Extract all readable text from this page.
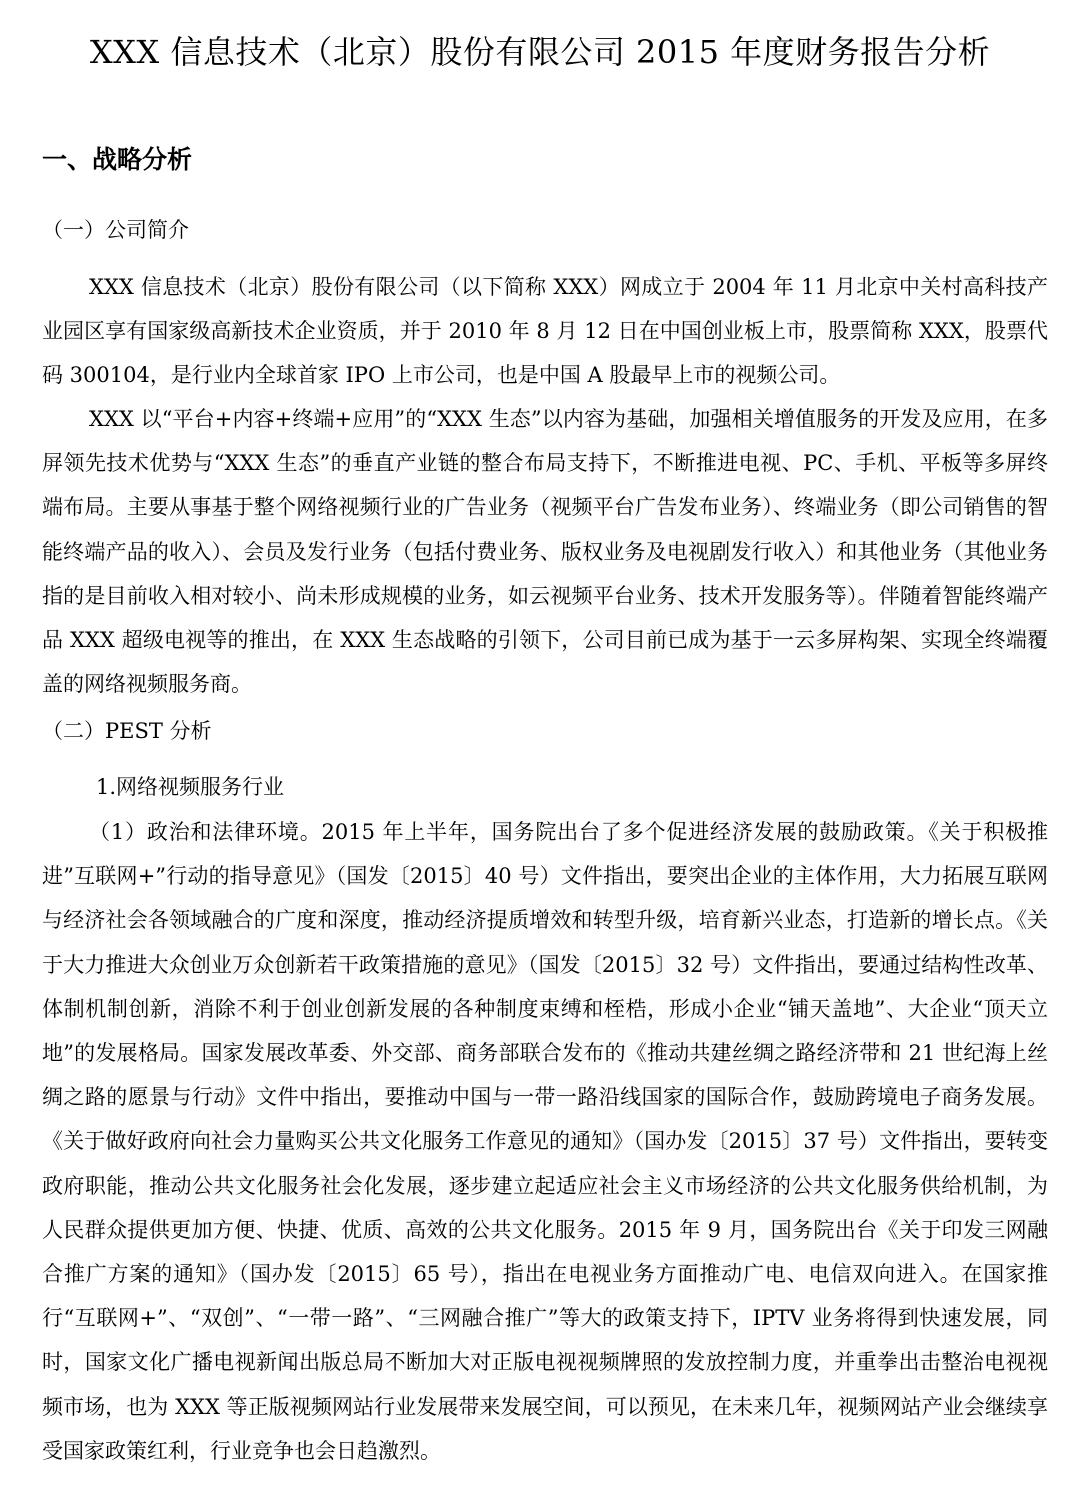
XXX 信息技术（北京）股份有限公司 2015 年度财务报告分析
一、战略分析
（一）公司简介

XXX 信息技术（北京）股份有限公司（以下简称 XXX）网成立于 2004 年 11 月北京中关村高科技产业园区享有国家级高新技术企业资质，并于 2010 年 8 月 12 日在中国创业板上市，股票简称 XXX，股票代码 300104，是行业内全球首家 IPO 上市公司，也是中国 A 股最早上市的视频公司。

XXX 以“平台+内容+终端+应用”的“XXX 生态”以内容为基础，加强相关增值服务的开发及应用，在多屏领先技术优势与“XXX 生态”的垂直产业链的整合布局支持下，不断推进电视、PC、手机、平板等多屏终端布局。主要从事基于整个网络视频行业的广告业务（视频平台广告发布业务）、终端业务（即公司销售的智能终端产品的收入）、会员及发行业务（包括付费业务、版权业务及电视剧发行收入）和其他业务（其他业务指的是目前收入相对较小、尚未形成规模的业务，如云视频平台业务、技术开发服务等）。伴随着智能终端产品 XXX 超级电视等的推出，在 XXX 生态战略的引领下，公司目前已成为基于一云多屏构架、实现全终端覆盖的网络视频服务商。

（二）PEST 分析
1.网络视频服务行业

（1）政治和法律环境。2015 年上半年，国务院出台了多个促进经济发展的鼓励政策。《关于积极推进”互联网+”行动的指导意见》（国发〔2015〕40 号）文件指出，要突出企业的主体作用，大力拓展互联网与经济社会各领域融合的广度和深度，推动经济提质增效和转型升级，培育新兴业态，打造新的增长点。《关于大力推进大众创业万众创新若干政策措施的意见》（国发〔2015〕32 号）文件指出，要通过结构性改革、体制机制创新，消除不利于创业创新发展的各种制度束缚和桎梏，形成小企业“铺天盖地”、大企业“顶天立地”的发展格局。国家发展改革委、外交部、商务部联合发布的《推动共建丝绸之路经济带和 21 世纪海上丝绸之路的愿景与行动》文件中指出，要推动中国与一带一路沿线国家的国际合作，鼓励跨境电子商务发展。《关于做好政府向社会力量购买公共文化服务工作意见的通知》（国办发〔2015〕37 号）文件指出，要转变政府职能，推动公共文化服务社会化发展，逐步建立起适应社会主义市场经济的公共文化服务供给机制，为人民群众提供更加方便、快捷、优质、高效的公共文化服务。2015 年 9 月，国务院出台《关于印发三网融合推广方案的通知》（国办发〔2015〕65 号），指出在电视业务方面推动广电、电信双向进入。在国家推行“互联网+”、“双创”、“一带一路”、“三网融合推广”等大的政策支持下，IPTV 业务将得到快速发展，同时，国家文化广播电视新闻出版总局不断加大对正版电视视频牌照的发放控制力度，并重拳出击整治电视视频市场，也为 XXX 等正版视频网站行业发展带来发展空间，可以预见，在未来几年，视频网站产业会继续享受国家政策红利，行业竞争也会日趋激烈。
